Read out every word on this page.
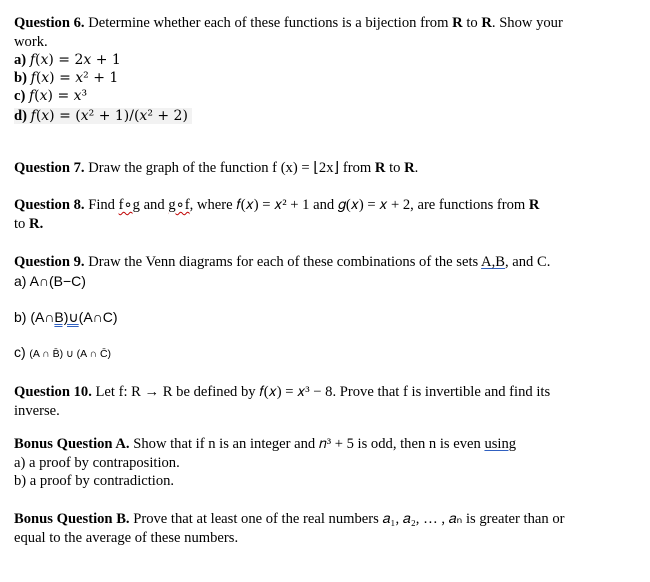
Question 6. Determine whether each of these functions is a bijection from R to R. Show your
work.
a) 𝑓(𝑥) = 2𝑥 + 1
b) 𝑓(𝑥) = 𝑥² + 1
c) 𝑓(𝑥) = 𝑥³
d) 𝑓(𝑥) = (𝑥² + 1)/(𝑥² + 2)
Question 7. Draw the graph of the function f (x) = ⌊2x⌋ from R to R.
Question 8. Find f∘g and g∘f, where 𝑓(𝑥) = 𝑥² + 1 and 𝑔(𝑥) = 𝑥 + 2, are functions from R
to R.
Question 9. Draw the Venn diagrams for each of these combinations of the sets A,B, and C.
a) A∩(B−C)
b) (A∩B)∪(A∩C)
c) (A ∩ B̄) ∪ (A ∩ C̄)
Question 10. Let f: R → R be defined by 𝑓(𝑥) = 𝑥³ − 8. Prove that f is invertible and find its
inverse.
Bonus Question A. Show that if n is an integer and 𝑛³ + 5 is odd, then n is even using
a) a proof by contraposition.
b) a proof by contradiction.
Bonus Question B. Prove that at least one of the real numbers 𝑎₁, 𝑎₂, … , 𝑎ₙ is greater than or
equal to the average of these numbers.
